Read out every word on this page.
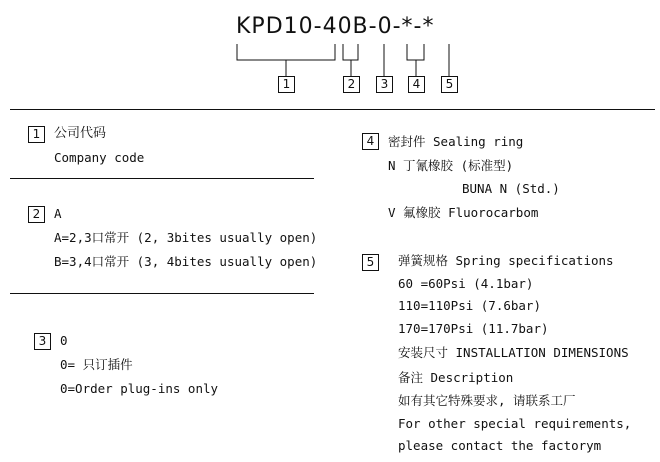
KPD10-40B-0-*-*
1	2	3	4	5
1	公司代码
Company code
2	A
A=2,3口常开 (2, 3bites usually open)
B=3,4口常开 (3, 4bites usually open)
3	0
0= 只订插件
0=Order plug-ins only
4	密封件 Sealing ring
N 丁氰橡胶 (标准型)
BUNA N (Std.)
V 氟橡胶 Fluorocarbom
5	弹簧规格 Spring specifications
60 =60Psi (4.1bar)
110=110Psi (7.6bar)
170=170Psi (11.7bar)
安装尺寸 INSTALLATION DIMENSIONS
备注 Description
如有其它特殊要求, 请联系工厂
For other special requirements,
please contact the factorym
